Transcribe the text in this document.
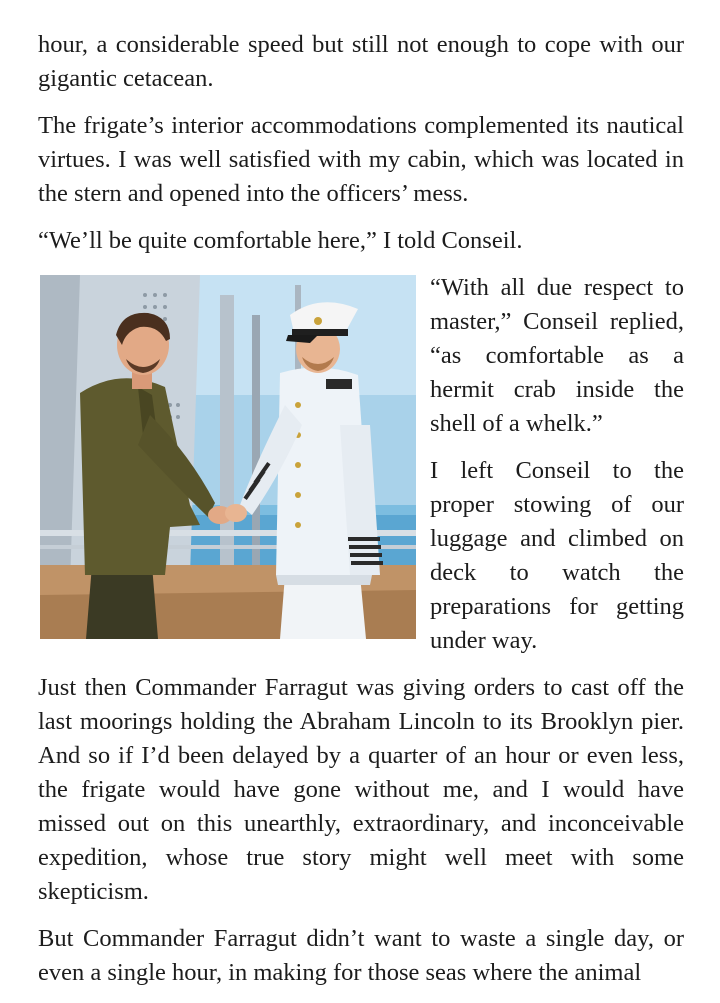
hour, a considerable speed but still not enough to cope with our gigantic cetacean.

The frigate’s interior accommodations complemented its nautical virtues. I was well satisfied with my cabin, which was located in the stern and opened into the officers’ mess.

“We’ll be quite comfortable here,” I told Conseil.

“With all due respect to master,” Conseil replied, “as comfortable as a hermit crab inside the shell of a whelk.”

I left Conseil to the proper stowing of our luggage and climbed on deck to watch the preparations for getting under way.

Just then Commander Farragut was giving orders to cast off the last moorings holding the Abraham Lincoln to its Brooklyn pier. And so if I’d been delayed by a quarter of an hour or even less, the frigate would have gone without me, and I would have missed out on this unearthly, extraordinary, and inconceivable expedition, whose true story might well meet with some skepticism.

But Commander Farragut didn’t want to waste a single day, or even a single hour, in making for those seas where the animal
